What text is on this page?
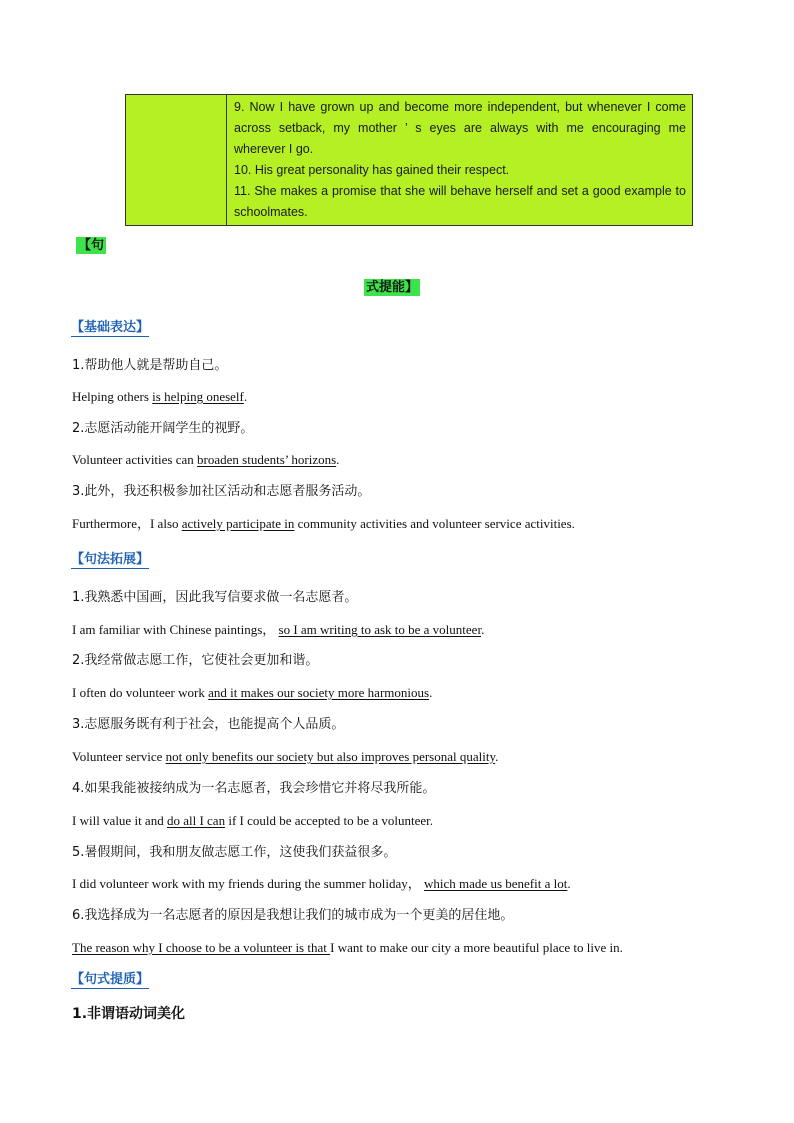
9. Now I have grown up and become more independent, but whenever I come
across setback, my mother ’ s eyes are always with me encouraging me
wherever I go.
10. His great personality has gained their respect.
11. She makes a promise that she will behave herself and set a good example to
schoolmates.
【句
式提能】
【基础表达】
1.帮助他人就是帮助自己。
Helping others is helping oneself.
2.志愿活动能开阔学生的视野。
Volunteer activities can broaden students’ horizons.
3.此外，我还积极参加社区活动和志愿者服务活动。
Furthermore，I also actively participate in community activities and volunteer service activities.
【句法拓展】
1.我熟悉中国画，因此我写信要求做一名志愿者。
I am familiar with Chinese paintings， so I am writing to ask to be a volunteer.
2.我经常做志愿工作，它使社会更加和谐。
I often do volunteer work and it makes our society more harmonious.
3.志愿服务既有利于社会，也能提高个人品质。
Volunteer service not only benefits our society but also improves personal quality.
4.如果我能被接纳成为一名志愿者，我会珍惜它并将尽我所能。
I will value it and do all I can if I could be accepted to be a volunteer.
5.暑假期间，我和朋友做志愿工作，这使我们获益很多。
I did volunteer work with my friends during the summer holiday， which made us benefit a lot.
6.我选择成为一名志愿者的原因是我想让我们的城市成为一个更美的居住地。
The reason why I choose to be a volunteer is that I want to make our city a more beautiful place to live in.
【句式提质】
1.非谓语动词美化
